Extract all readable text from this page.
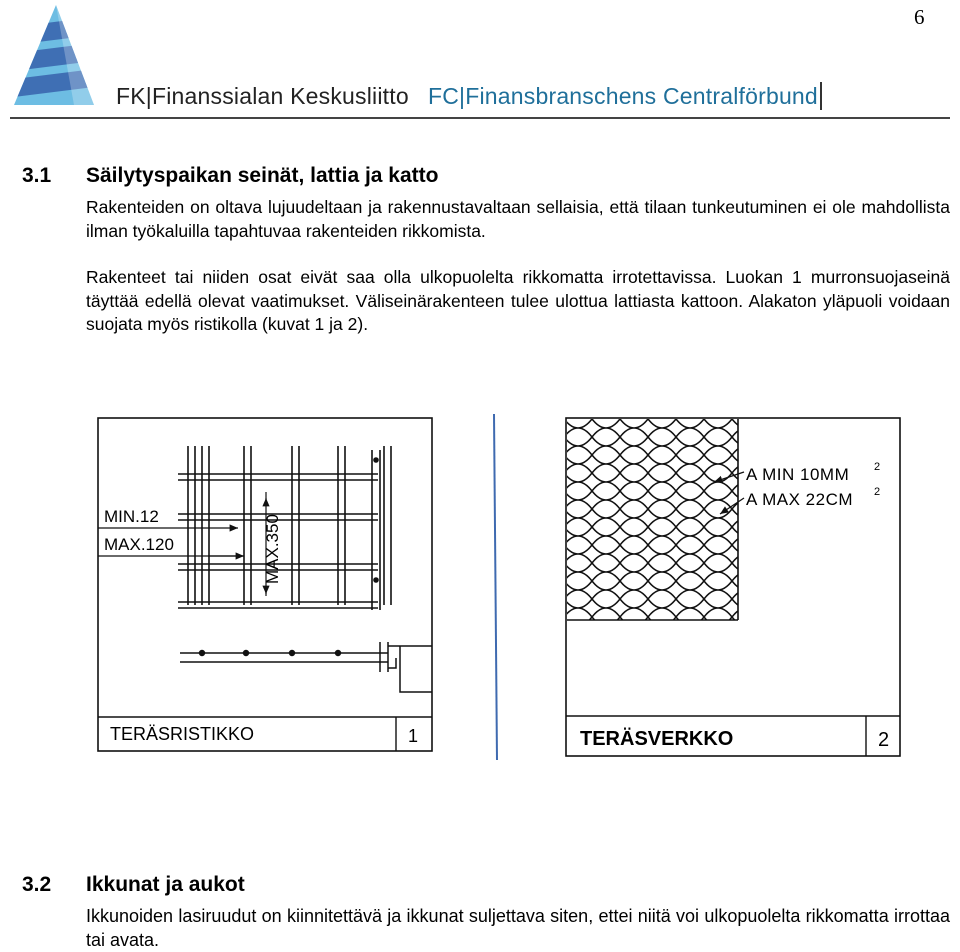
6
FK|Finanssialan Keskusliitto FC|Finansbranschens Centralförbund
3.1 Säilytyspaikan seinät, lattia ja katto

Rakenteiden on oltava lujuudeltaan ja rakennustavaltaan sellaisia, että tilaan tunkeutuminen ei ole mahdollista ilman työkaluilla tapahtuvaa rakenteiden rikkomista.

Rakenteet tai niiden osat eivät saa olla ulkopuolelta rikkomatta irrotettavissa. Luokan 1 murronsuojaseinä täyttää edellä olevat vaatimukset. Väliseinärakenteen tulee ulottua lattiasta kattoon. Alakaton yläpuoli voidaan suojata myös ristikolla (kuvat 1 ja 2).

MIN.12
MAX.120	MAX.350
TERÄSRISTIKKO	1
A MIN 10MM 2
A MAX 22CM 2
TERÄSVERKKO	2
3.2 Ikkunat ja aukot

Ikkunoiden lasiruudut on kiinnitettävä ja ikkunat suljettava siten, ettei niitä voi ulkopuolelta rikkomatta irrottaa tai avata.
